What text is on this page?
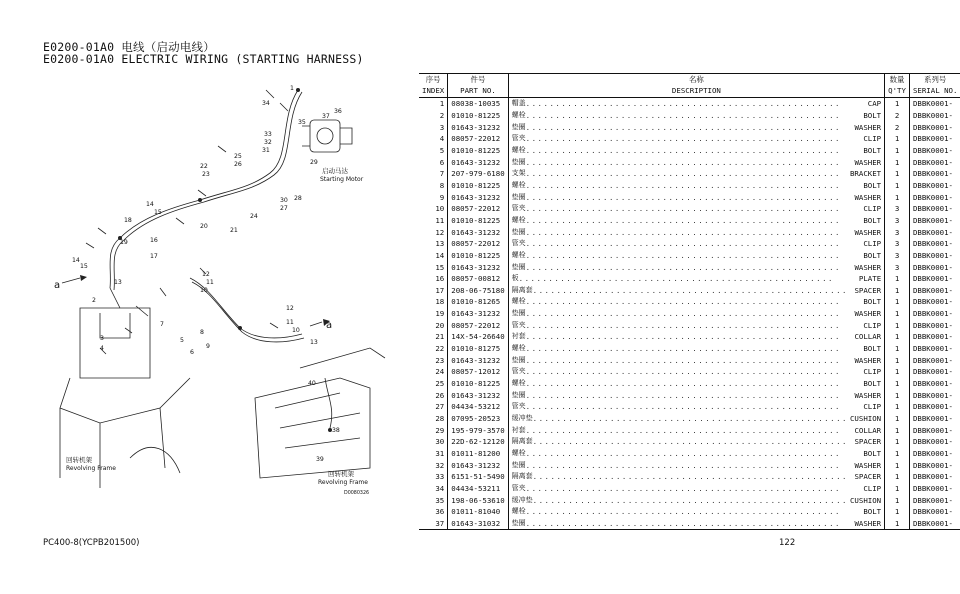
E0200-01A0 电线（启动电线）
E0200-01A0 ELECTRIC WIRING (STARTING HARNESS)
34
1
36
35
37
33
32
31
29
26
25
22
23
30 28
27
14
15
20
24
21
18
19	16
17
14
15
13
12
11
10
12
11
10
13
7
2
3
4
5
6
8
9
40
38
39
启动马达
Starting Motor
回转机架
Revolving Frame
回转机架
Revolving Frame
D0080326
a
a
序号	件号	名称	数量	系列号
INDEX	PART NO.	DESCRIPTION	Q'TY	SERIAL NO.
1	08038-10035	帽盖 ..................................................... CAP	1	DBBK0001-
2	01010-81225	螺栓 ..................................................... BOLT	2	DBBK0001-
3	01643-31232	垫圈 ..................................................... WASHER	2	DBBK0001-
4	08057-22012	管夹 ..................................................... CLIP	1	DBBK0001-
5	01010-81225	螺栓 ..................................................... BOLT	1	DBBK0001-
6	01643-31232	垫圈 ..................................................... WASHER	1	DBBK0001-
7	207-979-6180	支架 ..................................................... BRACKET	1	DBBK0001-
8	01010-81225	螺栓 ..................................................... BOLT	1	DBBK0001-
9	01643-31232	垫圈 ..................................................... WASHER	1	DBBK0001-
10	08057-22012	管夹 ..................................................... CLIP	3	DBBK0001-
11	01010-81225	螺栓 ..................................................... BOLT	3	DBBK0001-
12	01643-31232	垫圈 ..................................................... WASHER	3	DBBK0001-
13	08057-22012	管夹 ..................................................... CLIP	3	DBBK0001-
14	01010-81225	螺栓 ..................................................... BOLT	3	DBBK0001-
15	01643-31232	垫圈 ..................................................... WASHER	3	DBBK0001-
16	08057-00812	板 ..................................................... PLATE	1	DBBK0001-
17	208-06-75180	隔离套 ..................................................... SPACER	1	DBBK0001-
18	01010-81265	螺栓 ..................................................... BOLT	1	DBBK0001-
19	01643-31232	垫圈 ..................................................... WASHER	1	DBBK0001-
20	08057-22012	管夹 ..................................................... CLIP	1	DBBK0001-
21	14X-54-26640	衬套 ..................................................... COLLAR	1	DBBK0001-
22	01010-81275	螺栓 ..................................................... BOLT	1	DBBK0001-
23	01643-31232	垫圈 ..................................................... WASHER	1	DBBK0001-
24	08057-12012	管夹 ..................................................... CLIP	1	DBBK0001-
25	01010-81225	螺栓 ..................................................... BOLT	1	DBBK0001-
26	01643-31232	垫圈 ..................................................... WASHER	1	DBBK0001-
27	04434-53212	管夹 ..................................................... CLIP	1	DBBK0001-
28	07095-20523	缓冲垫 ..................................................... CUSHION	1	DBBK0001-
29	195-979-3570	衬套 ..................................................... COLLAR	1	DBBK0001-
30	22D-62-12120	隔离套 ..................................................... SPACER	1	DBBK0001-
31	01011-81200	螺栓 ..................................................... BOLT	1	DBBK0001-
32	01643-31232	垫圈 ..................................................... WASHER	1	DBBK0001-
33	6151-51-5490	隔离套 ..................................................... SPACER	1	DBBK0001-
34	04434-53211	管夹 ..................................................... CLIP	1	DBBK0001-
35	198-06-53610	缓冲垫 ..................................................... CUSHION	1	DBBK0001-
36	01011-81040	螺栓 ..................................................... BOLT	1	DBBK0001-
37	01643-31032	垫圈 ..................................................... WASHER	1	DBBK0001-
PC400-8(YCPB201500)	122
